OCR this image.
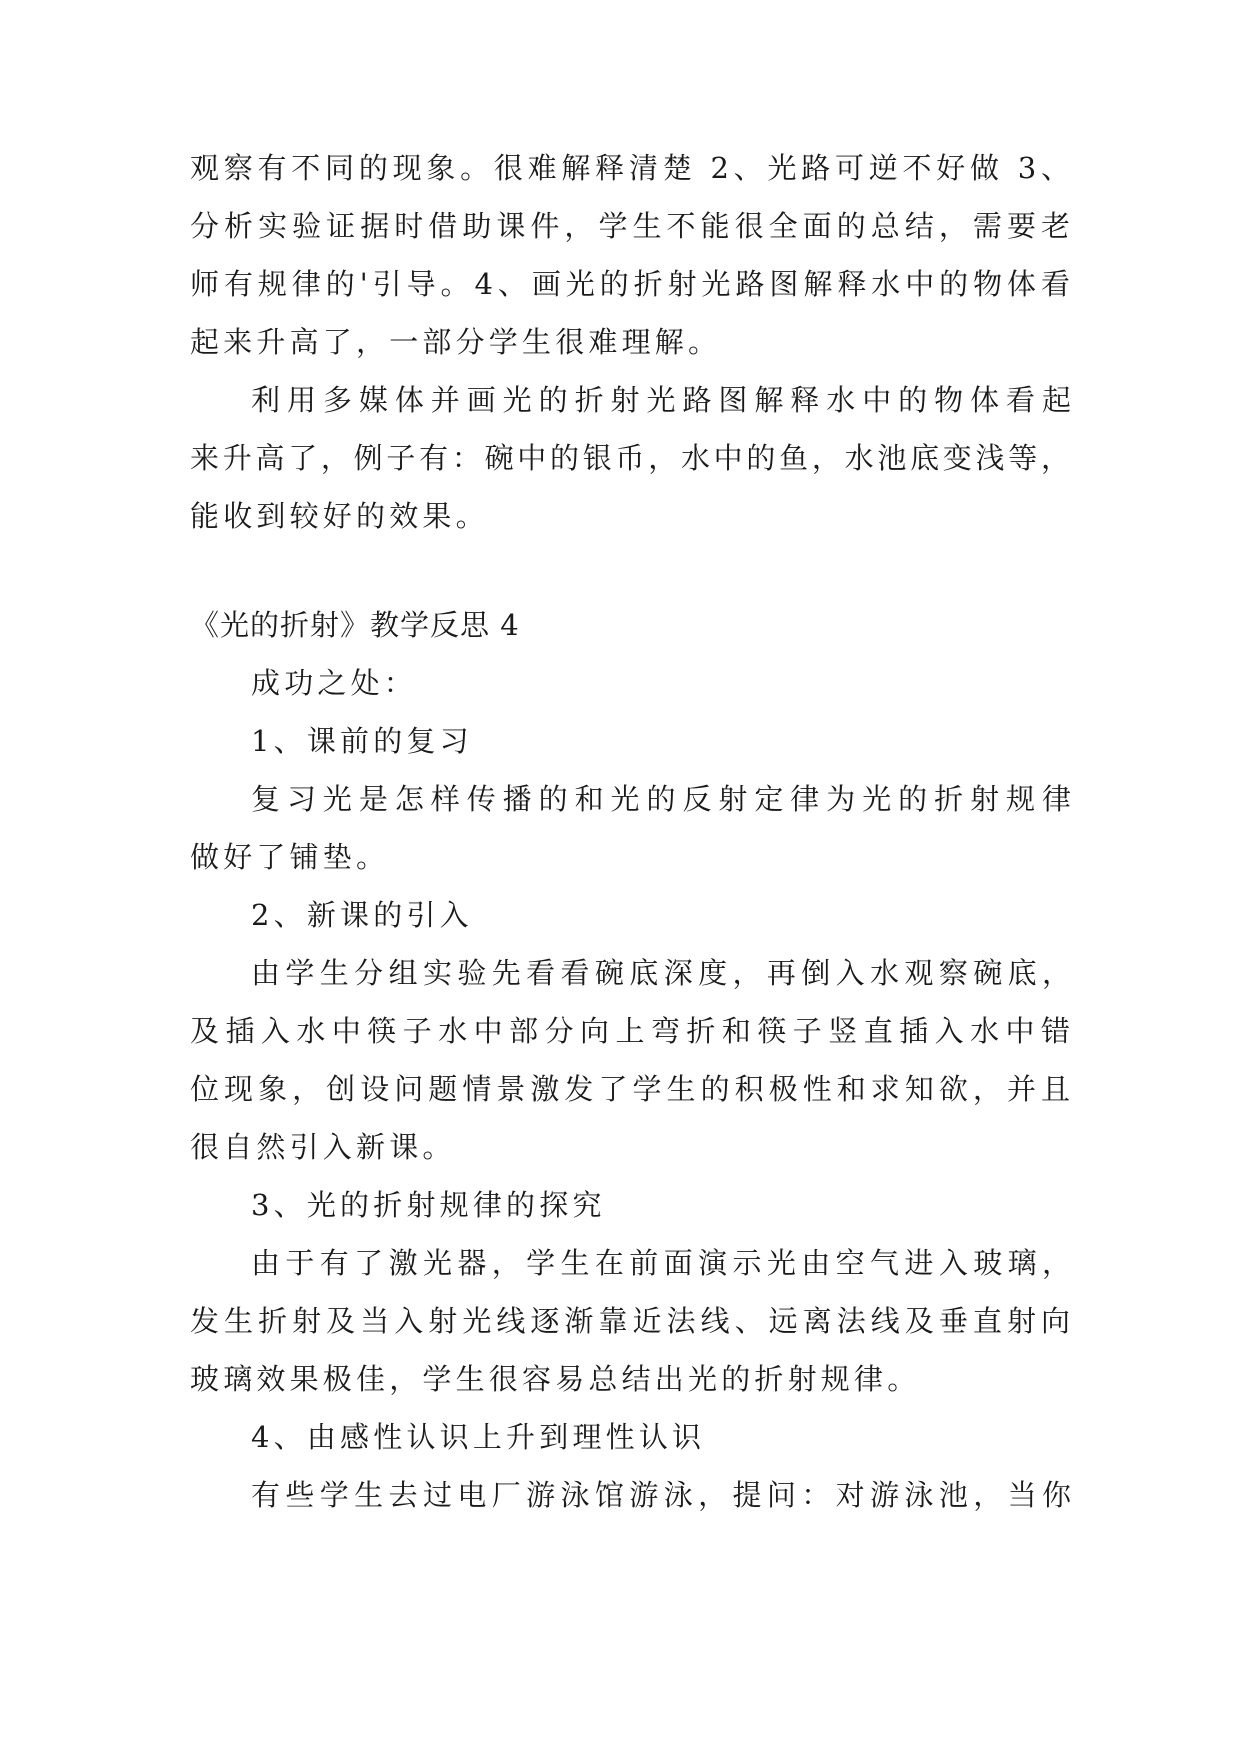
观察有不同的现象。很难解释清楚 2、光路可逆不好做 3、
分析实验证据时借助课件，学生不能很全面的总结，需要老
师有规律的'引导。4、画光的折射光路图解释水中的物体看
起来升高了，一部分学生很难理解。
利用多媒体并画光的折射光路图解释水中的物体看起
来升高了，例子有：碗中的银币，水中的鱼，水池底变浅等，
能收到较好的效果。
《光的折射》教学反思 4
成功之处：
1、课前的复习
复习光是怎样传播的和光的反射定律为光的折射规律
做好了铺垫。
2、新课的引入
由学生分组实验先看看碗底深度，再倒入水观察碗底，
及插入水中筷子水中部分向上弯折和筷子竖直插入水中错
位现象，创设问题情景激发了学生的积极性和求知欲，并且
很自然引入新课。
3、光的折射规律的探究
由于有了激光器，学生在前面演示光由空气进入玻璃，
发生折射及当入射光线逐渐靠近法线、远离法线及垂直射向
玻璃效果极佳，学生很容易总结出光的折射规律。
4、由感性认识上升到理性认识
有些学生去过电厂游泳馆游泳，提问：对游泳池，当你
